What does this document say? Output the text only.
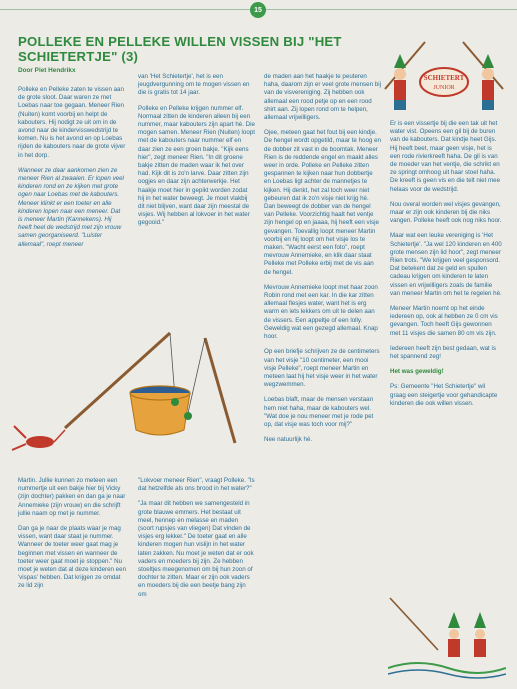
15
POLLEKE EN PELLEKE WILLEN VISSEN BIJ "HET SCHIETERTJE" (3)
Door Piet Hendrikx
SCHIETERT
JUNIOR

Polleke en Pelleke zaten te vissen aan de grote sloot. Daar waren ze met Loebas naar toe gegaan. Meneer Rien (Nuiten) komt voorbij en helpt de kabouters. Hij nodigt ze uit om in de avond naar de kindervisswedstrijd te komen. Nu is het avond en op Loebas rijden de kabouters naar de grote vijver in het dorp.

Wanneer ze daar aankomen zien ze meneer Rien al zwaaien. Er lopen veel kinderen rond en ze kijken met grote ogen naar Loebas met de kabouters. Meneer klinkt er een toeter en alle kinderen lopen naar een meneer. Dat is meneer Martin (Kannekens). Hij heeft heel de wedstrijd met zijn vrouw samen georganiseerd. "Luister allemaal", roept meneer

van 'Het Schietertje', het is een jeugdvergunning om te mogen vissen en die is gratis tot 14 jaar.

Polleke en Pelleke krijgen nummer elf. Normaal zitten de kinderen alleen bij een nummer, maar kabouters zijn apart hè. Die mogen samen. Meneer Rien (Nuiten) loopt met de kabouters naar nummer elf en daar zien ze een groen bakje. "Kijk eens hier", zegt meneer Rien. "In dit groene bakje zitten de maden waar ik het over had. Kijk dit is zo'n larve. Daar zitten zijn oogjes en daar zijn achterwerkje. Het haakje moet hier in gepikt worden zodat hij in het water beweegt. Je moet vlakbij dit niet blijven, want daar zijn meestal de visjes. Wij hebben al lokvoer in het water gegooid."

de maden aan het haakje te peuteren haha, daarom zijn er veel grote mensen bij van de visvereniging. Zij hebben ook allemaal een rood petje op en een rood shirt aan. Zij lopen rond om te helpen, allemaal vrijwilligers.

Ojee, meteen gaat het fout bij een kindje. De hengel wordt opgetild, maar te hoog en de dobber zit vast in de boomtak. Meneer Rien is de reddende engel en maakt alles weer in orde. Polleke en Pelleke zitten gespannen te kijken naar hun dobbertje en Loebas ligt achter de mannetjes te kijken. Hij denkt, het zal toch weer niet gebeuren dat ik zo'n visje niet krijg hè. Dan beweegt de dobber van de hengel van Pelleke. Voorzichtig haalt het ventje zijn hengel op en jaaaa, hij heeft een visje gevangen. Toevallig loopt meneer Martin voorbij en hij loopt om het visje los te maken. "Wacht eerst een foto", roept mevrouw Annemieke, en klik daar staat Pelleke met Polleke erbij met de vis aan de hengel.

Mevrouw Annemieke loopt met haar zoon Robin rond met een kar. In die kar zitten allemaal flesjes water, want het is erg warm en iets lekkers om uit te delen aan de vissers. Een appeltje of een lolly. Geweldig wat een gezegd allemaal. Knap hoor.

Op een briefje schrijven ze de centimeters van het visje "10 centimeter, een mooi visje Pelleke", roept meneer Martin en meteen laat hij het visje weer in het water wegzwemmen.

Loebas blaft, maar de mensen verstaan hem niet haha, maar de kabouters wel. "Wat doe je nou meneer met je rode pet op, dat visje was toch voor mij?"

Nee natuurlijk hè.

Er is een vissertje bij die een tak uit het water vist. Opeens een gil bij de buren van de kabouters. Dat kindje heet Gijs. Hij heeft beet, maar geen visje, het is een rode rivierkreeft haha. De gil is van de moeder van het ventje, die schrikt en ze springt omhoog uit haar stoel haha. De kreeft is geen vis en die telt niet mee helaas voor de wedstrijd.

Nou overal worden wel visjes gevangen, maar er zijn ook kinderen bij die niks vangen. Polleke heeft ook nog niks hoor.

Maar wat een leuke vereniging is 'Het Schietertje'. "Ja wel 120 kinderen en 400 grote mensen zijn lid hoor", zegt meneer Rien trots. "We krijgen veel gesponsord. Dat betekent dat ze geld en spullen cadeau krijgen om kinderen te laten vissen en vrijwilligers zoals de familie van meneer Martin om het te regelen hè.

Meneer Martin noemt op het einde iedereen op, ook al hebben ze 0 cm vis gevangen. Toch heeft Gijs gewonnen met 11 visjes die samen 80 cm vis zijn.

Iedereen heeft zijn best gedaan, wat is het spannend zeg!

Het was geweldig!

Ps: Gemeente "Het Schietertje" wil graag een steigertje voor gehandicapte kinderen die ook willen vissen.

Martin. Jullie kunnen zo meteen een nummertje uit een bakje hier bij Vicky (zijn dochter) pakken en dan ga je naar Annemieke (zijn vrouw) en die schrijft jullie naam op met je nummer.

Dan ga je naar de plaats waar je mag vissen, want daar staat je nummer. Wanneer de toeter weer gaat mag je beginnen met vissen en wanneer de toeter weer gaat moet je stoppen." Nu moet je weten dat al deze kinderen een 'vispas' hebben. Dat krijgen ze omdat ze lid zijn

"Lokvoer meneer Rien", vraagt Polleke. "Is dat hetzelfde als ons brood in het water?"

"Ja maar dit hebben we samengesteld in grote blauwe emmers. Het bestaat uit meel, hennep en melasse en maden (soort rupsjes van vliegen) Dat vinden de visjes erg lekker." De toeter gaat en alle kinderen mogen hun vislijn in het water laten zakken. Nu moet je weten dat er ook vaders en moeders bij zijn. Ze hebben stoeltjes meegenomen om bij hun zoon of dochter te zitten. Maar er zijn ook vaders en moeders bij die een beetje bang zijn om
